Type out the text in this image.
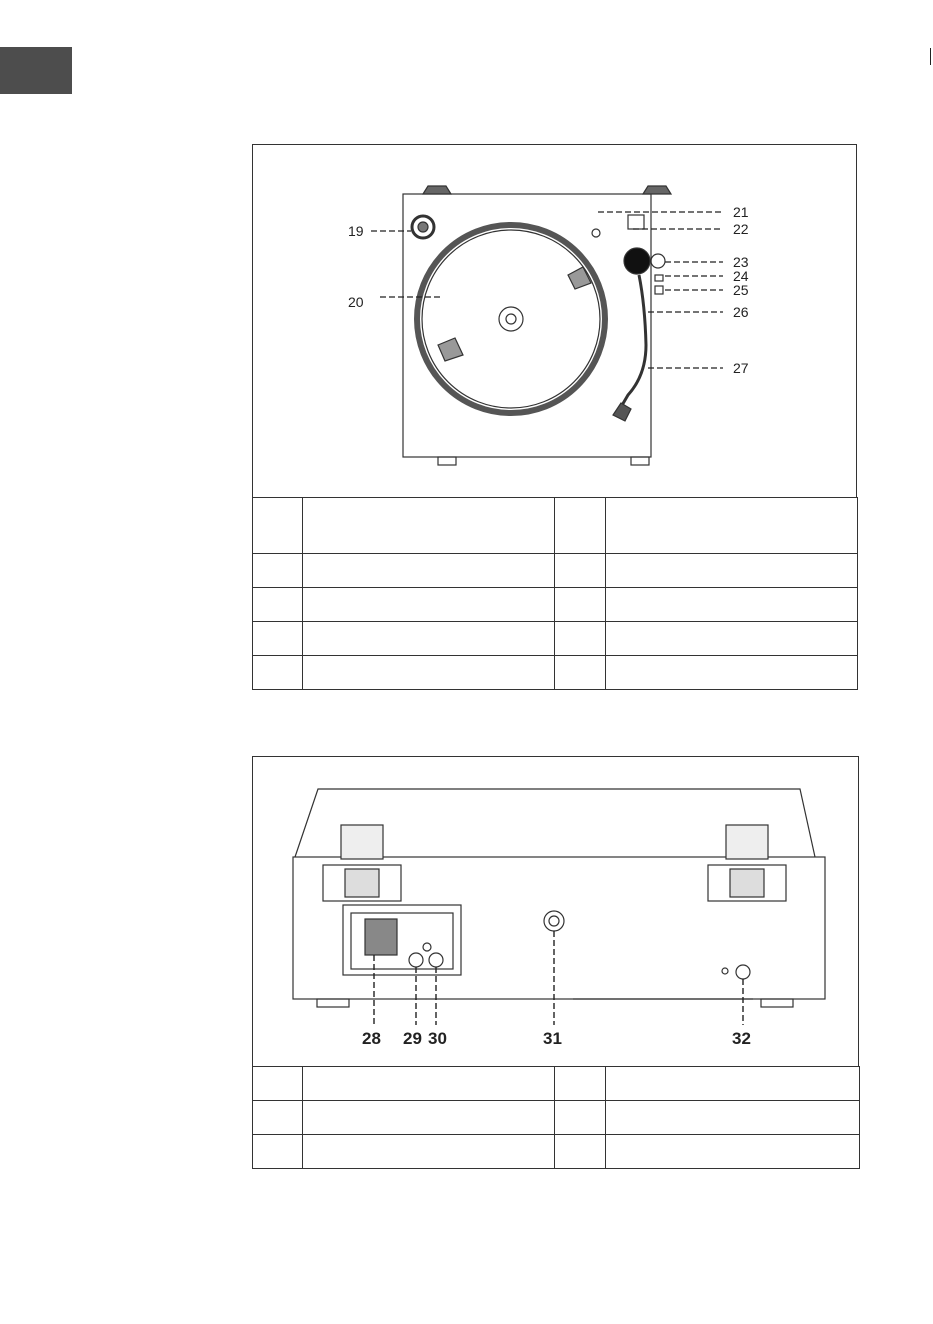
19
20
21
22
23
24
25
26
27

28 29 30	31	32
